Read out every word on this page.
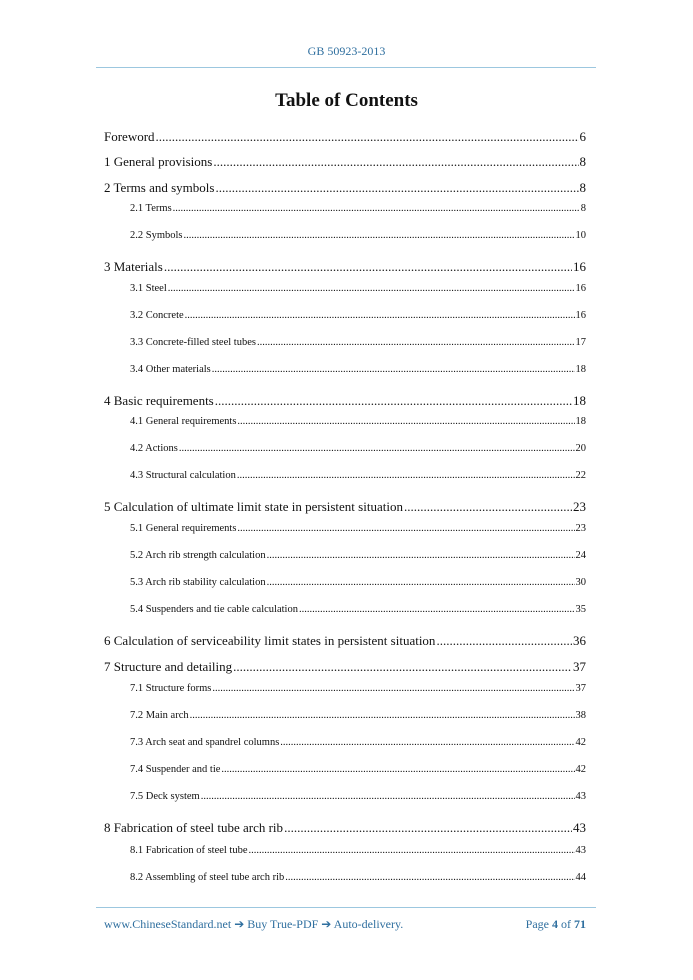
GB 50923-2013
Table of Contents
Foreword .....	6
1 General provisions .....	8
2 Terms and symbols .....	8
2.1 Terms .....	8
2.2 Symbols .....	10
3 Materials .....	16
3.1 Steel .....	16
3.2 Concrete .....	16
3.3 Concrete-filled steel tubes .....	17
3.4 Other materials .....	18
4 Basic requirements .....	18
4.1 General requirements .....	18
4.2 Actions .....	20
4.3 Structural calculation .....	22
5 Calculation of ultimate limit state in persistent situation .....	23
5.1 General requirements .....	23
5.2 Arch rib strength calculation .....	24
5.3 Arch rib stability calculation .....	30
5.4 Suspenders and tie cable calculation .....	35
6 Calculation of serviceability limit states in persistent situation .....	36
7 Structure and detailing .....	37
7.1 Structure forms .....	37
7.2 Main arch .....	38
7.3 Arch seat and spandrel columns .....	42
7.4 Suspender and tie .....	42
7.5 Deck system .....	43
8 Fabrication of steel tube arch rib .....	43
8.1 Fabrication of steel tube .....	43
8.2 Assembling of steel tube arch rib .....	44
www.ChineseStandard.net ➔ Buy True-PDF ➔ Auto-delivery.	Page 4 of 71
